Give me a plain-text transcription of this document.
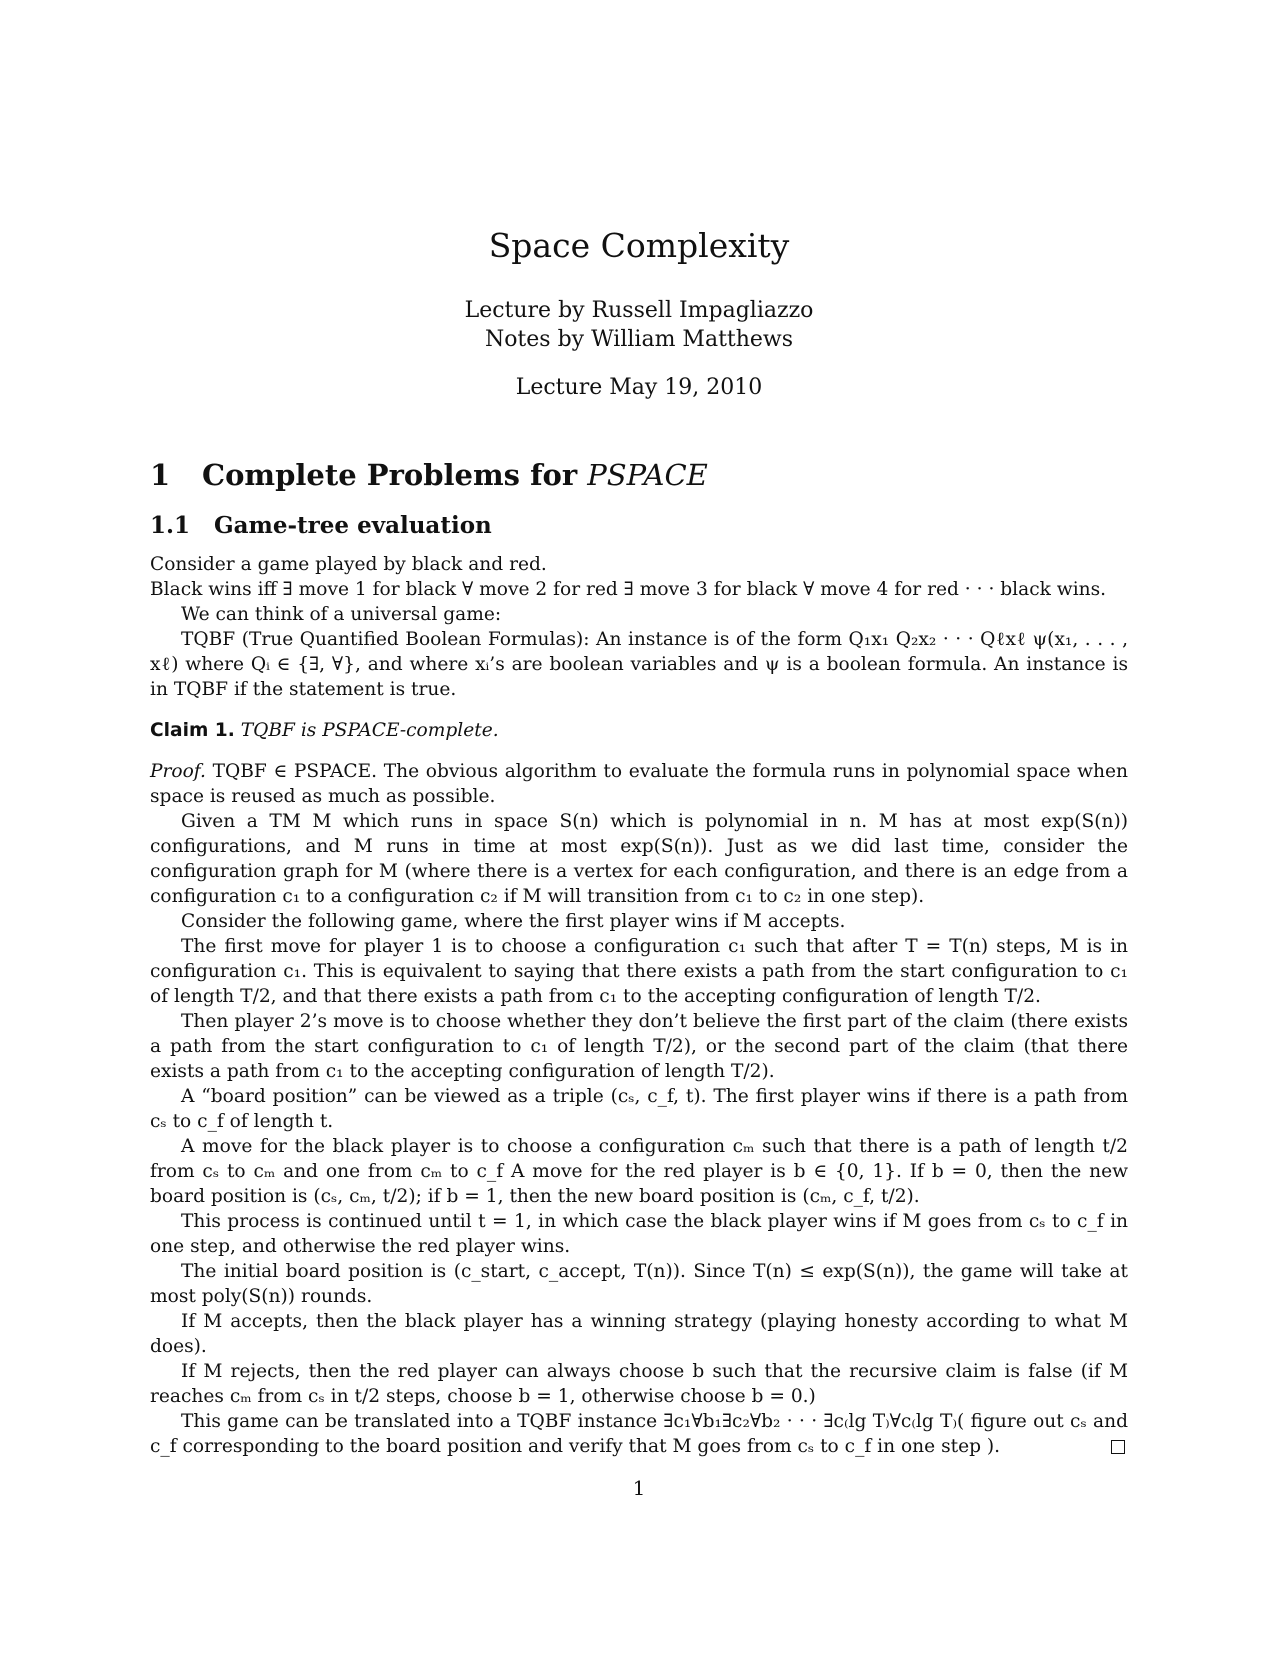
Space Complexity
Lecture by Russell Impagliazzo
Notes by William Matthews
Lecture May 19, 2010
1 Complete Problems for PSPACE
1.1 Game-tree evaluation

Consider a game played by black and red.

Black wins iff ∃ move 1 for black ∀ move 2 for red ∃ move 3 for black ∀ move 4 for red · · · black wins.

We can think of a universal game:

TQBF (True Quantified Boolean Formulas): An instance is of the form Q₁x₁ Q₂x₂ · · · Qℓxℓ ψ(x₁, . . . , xℓ) where Qᵢ ∈ {∃, ∀}, and where xᵢ’s are boolean variables and ψ is a boolean formula. An instance is in TQBF if the statement is true.

Claim 1. TQBF is PSPACE-complete.

Proof. TQBF ∈ PSPACE. The obvious algorithm to evaluate the formula runs in polynomial space when space is reused as much as possible.

Given a TM M which runs in space S(n) which is polynomial in n. M has at most exp(S(n)) configurations, and M runs in time at most exp(S(n)). Just as we did last time, consider the configuration graph for M (where there is a vertex for each configuration, and there is an edge from a configuration c₁ to a configuration c₂ if M will transition from c₁ to c₂ in one step).

Consider the following game, where the first player wins if M accepts.

The first move for player 1 is to choose a configuration c₁ such that after T = T(n) steps, M is in configuration c₁. This is equivalent to saying that there exists a path from the start configuration to c₁ of length T/2, and that there exists a path from c₁ to the accepting configuration of length T/2.

Then player 2’s move is to choose whether they don’t believe the first part of the claim (there exists a path from the start configuration to c₁ of length T/2), or the second part of the claim (that there exists a path from c₁ to the accepting configuration of length T/2).

A “board position” can be viewed as a triple (cₛ, c_f, t). The first player wins if there is a path from cₛ to c_f of length t.

A move for the black player is to choose a configuration cₘ such that there is a path of length t/2 from cₛ to cₘ and one from cₘ to c_f A move for the red player is b ∈ {0, 1}. If b = 0, then the new board position is (cₛ, cₘ, t/2); if b = 1, then the new board position is (cₘ, c_f, t/2).

This process is continued until t = 1, in which case the black player wins if M goes from cₛ to c_f in one step, and otherwise the red player wins.

The initial board position is (c_start, c_accept, T(n)). Since T(n) ≤ exp(S(n)), the game will take at most poly(S(n)) rounds.

If M accepts, then the black player has a winning strategy (playing honesty according to what M does).

If M rejects, then the red player can always choose b such that the recursive claim is false (if M reaches cₘ from cₛ in t/2 steps, choose b = 1, otherwise choose b = 0.)

This game can be translated into a TQBF instance ∃c₁∀b₁∃c₂∀b₂ · · · ∃c₍lg T₎∀c₍lg T₎( figure out cₛ and c_f corresponding to the board position and verify that M goes from cₛ to c_f in one step ).

1
